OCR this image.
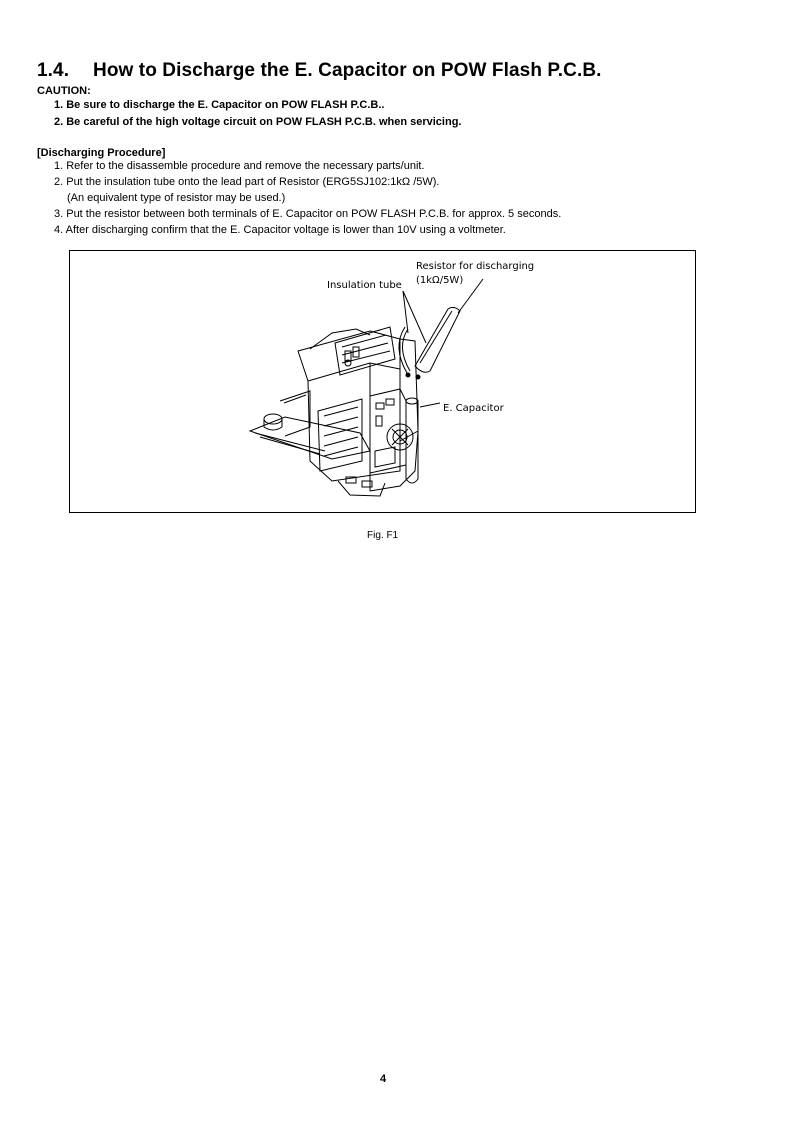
1.4. How to Discharge the E. Capacitor on POW Flash P.C.B.
CAUTION:
1. Be sure to discharge the E. Capacitor on POW FLASH P.C.B..
2. Be careful of the high voltage circuit on POW FLASH P.C.B. when servicing.
[Discharging Procedure]
1. Refer to the disassemble procedure and remove the necessary parts/unit.
2. Put the insulation tube onto the lead part of Resistor (ERG5SJ102:1kΩ /5W).
(An equivalent type of resistor may be used.)
3. Put the resistor between both terminals of E. Capacitor on POW FLASH P.C.B. for approx. 5 seconds.
4. After discharging confirm that the E. Capacitor voltage is lower than 10V using a voltmeter.
Resistor for discharging
(1kΩ/5W)
Insulation tube
E. Capacitor
Fig. F1
4
